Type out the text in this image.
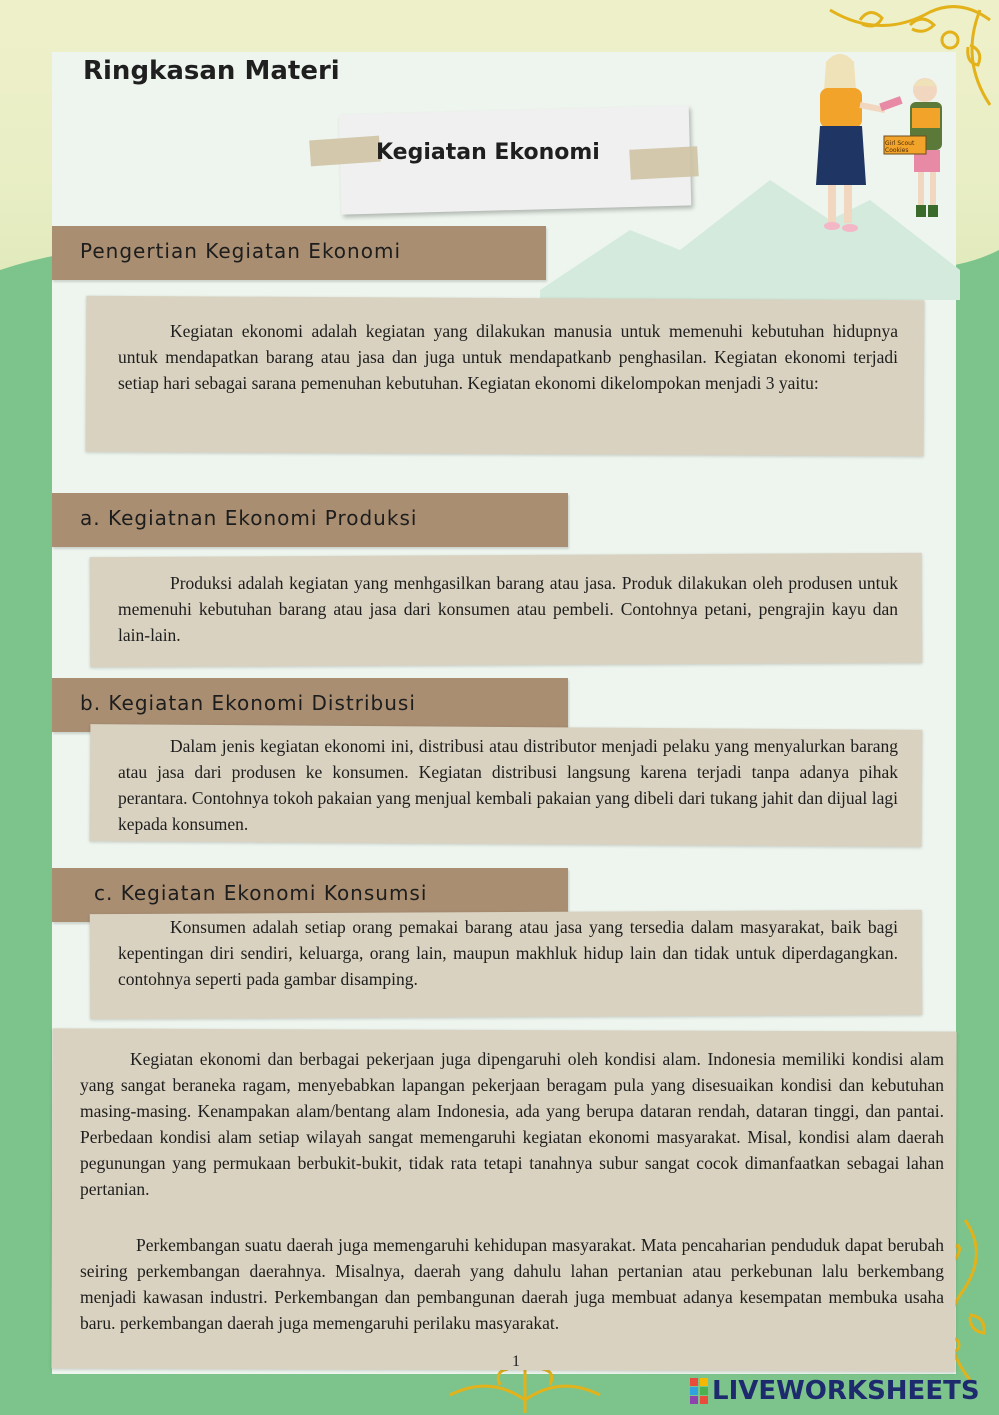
Girl Scout Cookies
Ringkasan Materi
Kegiatan Ekonomi
Pengertian Kegiatan Ekonomi

Kegiatan ekonomi adalah kegiatan yang dilakukan manusia untuk memenuhi kebutuhan hidupnya untuk mendapatkan barang atau jasa dan juga untuk mendapatkanb penghasilan. Kegiatan ekonomi terjadi setiap hari sebagai sarana pemenuhan kebutuhan. Kegiatan ekonomi dikelompokan menjadi 3 yaitu:

a. Kegiatnan Ekonomi Produksi

Produksi adalah kegiatan yang menhgasilkan barang atau jasa. Produk dilakukan oleh produsen untuk memenuhi kebutuhan barang atau jasa dari konsumen atau pembeli. Contohnya petani, pengrajin kayu dan lain-lain.

b. Kegiatan Ekonomi Distribusi

Dalam jenis kegiatan ekonomi ini, distribusi atau distributor menjadi pelaku yang menyalurkan barang atau jasa dari produsen ke konsumen. Kegiatan distribusi langsung karena terjadi tanpa adanya pihak perantara. Contohnya tokoh pakaian yang menjual kembali pakaian yang dibeli dari tukang jahit dan dijual lagi kepada konsumen.

c. Kegiatan Ekonomi Konsumsi

Konsumen adalah setiap orang pemakai barang atau jasa yang tersedia dalam masyarakat, baik bagi kepentingan diri sendiri, keluarga, orang lain, maupun makhluk hidup lain dan tidak untuk diperdagangkan. contohnya seperti pada gambar disamping.

Kegiatan ekonomi dan berbagai pekerjaan juga dipengaruhi oleh kondisi alam. Indonesia memiliki kondisi alam yang sangat beraneka ragam, menyebabkan lapangan pekerjaan beragam pula yang disesuaikan kondisi dan kebutuhan masing-masing. Kenampakan alam/bentang alam Indonesia, ada yang berupa dataran rendah, dataran tinggi, dan pantai. Perbedaan kondisi alam setiap wilayah sangat memengaruhi kegiatan ekonomi masyarakat. Misal, kondisi alam daerah pegunungan yang permukaan berbukit-bukit, tidak rata tetapi tanahnya subur sangat cocok dimanfaatkan sebagai lahan pertanian.

Perkembangan suatu daerah juga memengaruhi kehidupan masyarakat. Mata pencaharian penduduk dapat berubah seiring perkembangan daerahnya. Misalnya, daerah yang dahulu lahan pertanian atau perkebunan lalu berkembang menjadi kawasan industri. Perkembangan dan pembangunan daerah juga membuat adanya kesempatan membuka usaha baru. perkembangan daerah juga memengaruhi perilaku masyarakat.

1
LIVEWORKSHEETS
